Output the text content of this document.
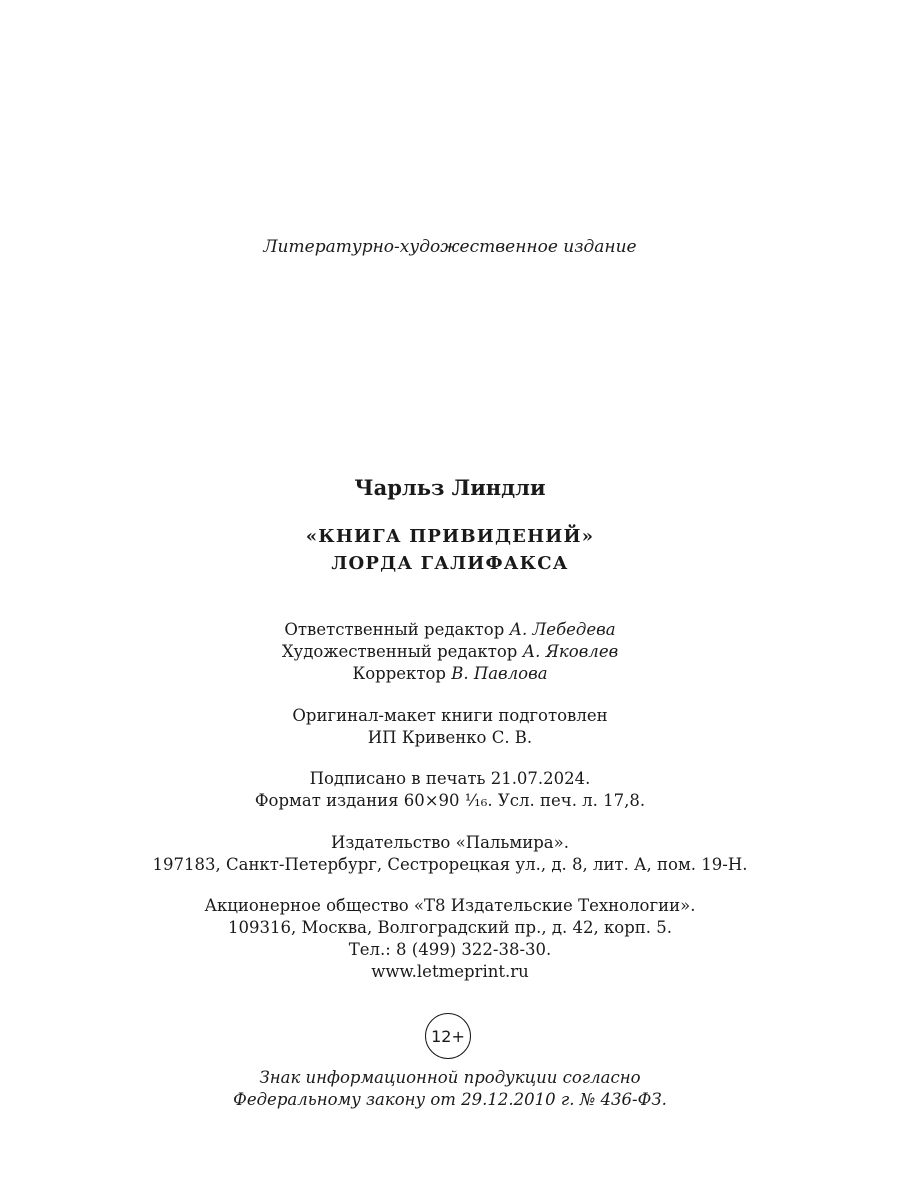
Литературно-художественное издание
Чарльз Линдли
«КНИГА ПРИВИДЕНИЙ»
ЛОРДА ГАЛИФАКСА
Ответственный редактор А. Лебедева
Художественный редактор А. Яковлев
Корректор В. Павлова
Оригинал-макет книги подготовлен
ИП Кривенко С. В.
Подписано в печать 21.07.2024.
Формат издания 60×90 ¹⁄₁₆. Усл. печ. л. 17,8.
Издательство «Пальмира».
197183, Санкт-Петербург, Сестрорецкая ул., д. 8, лит. А, пом. 19-Н.
Акционерное общество «Т8 Издательские Технологии».
109316, Москва, Волгоградский пр., д. 42, корп. 5.
Тел.: 8 (499) 322-38-30.
www.letmeprint.ru
12+
Знак информационной продукции согласно
Федеральному закону от 29.12.2010 г. № 436-ФЗ.
